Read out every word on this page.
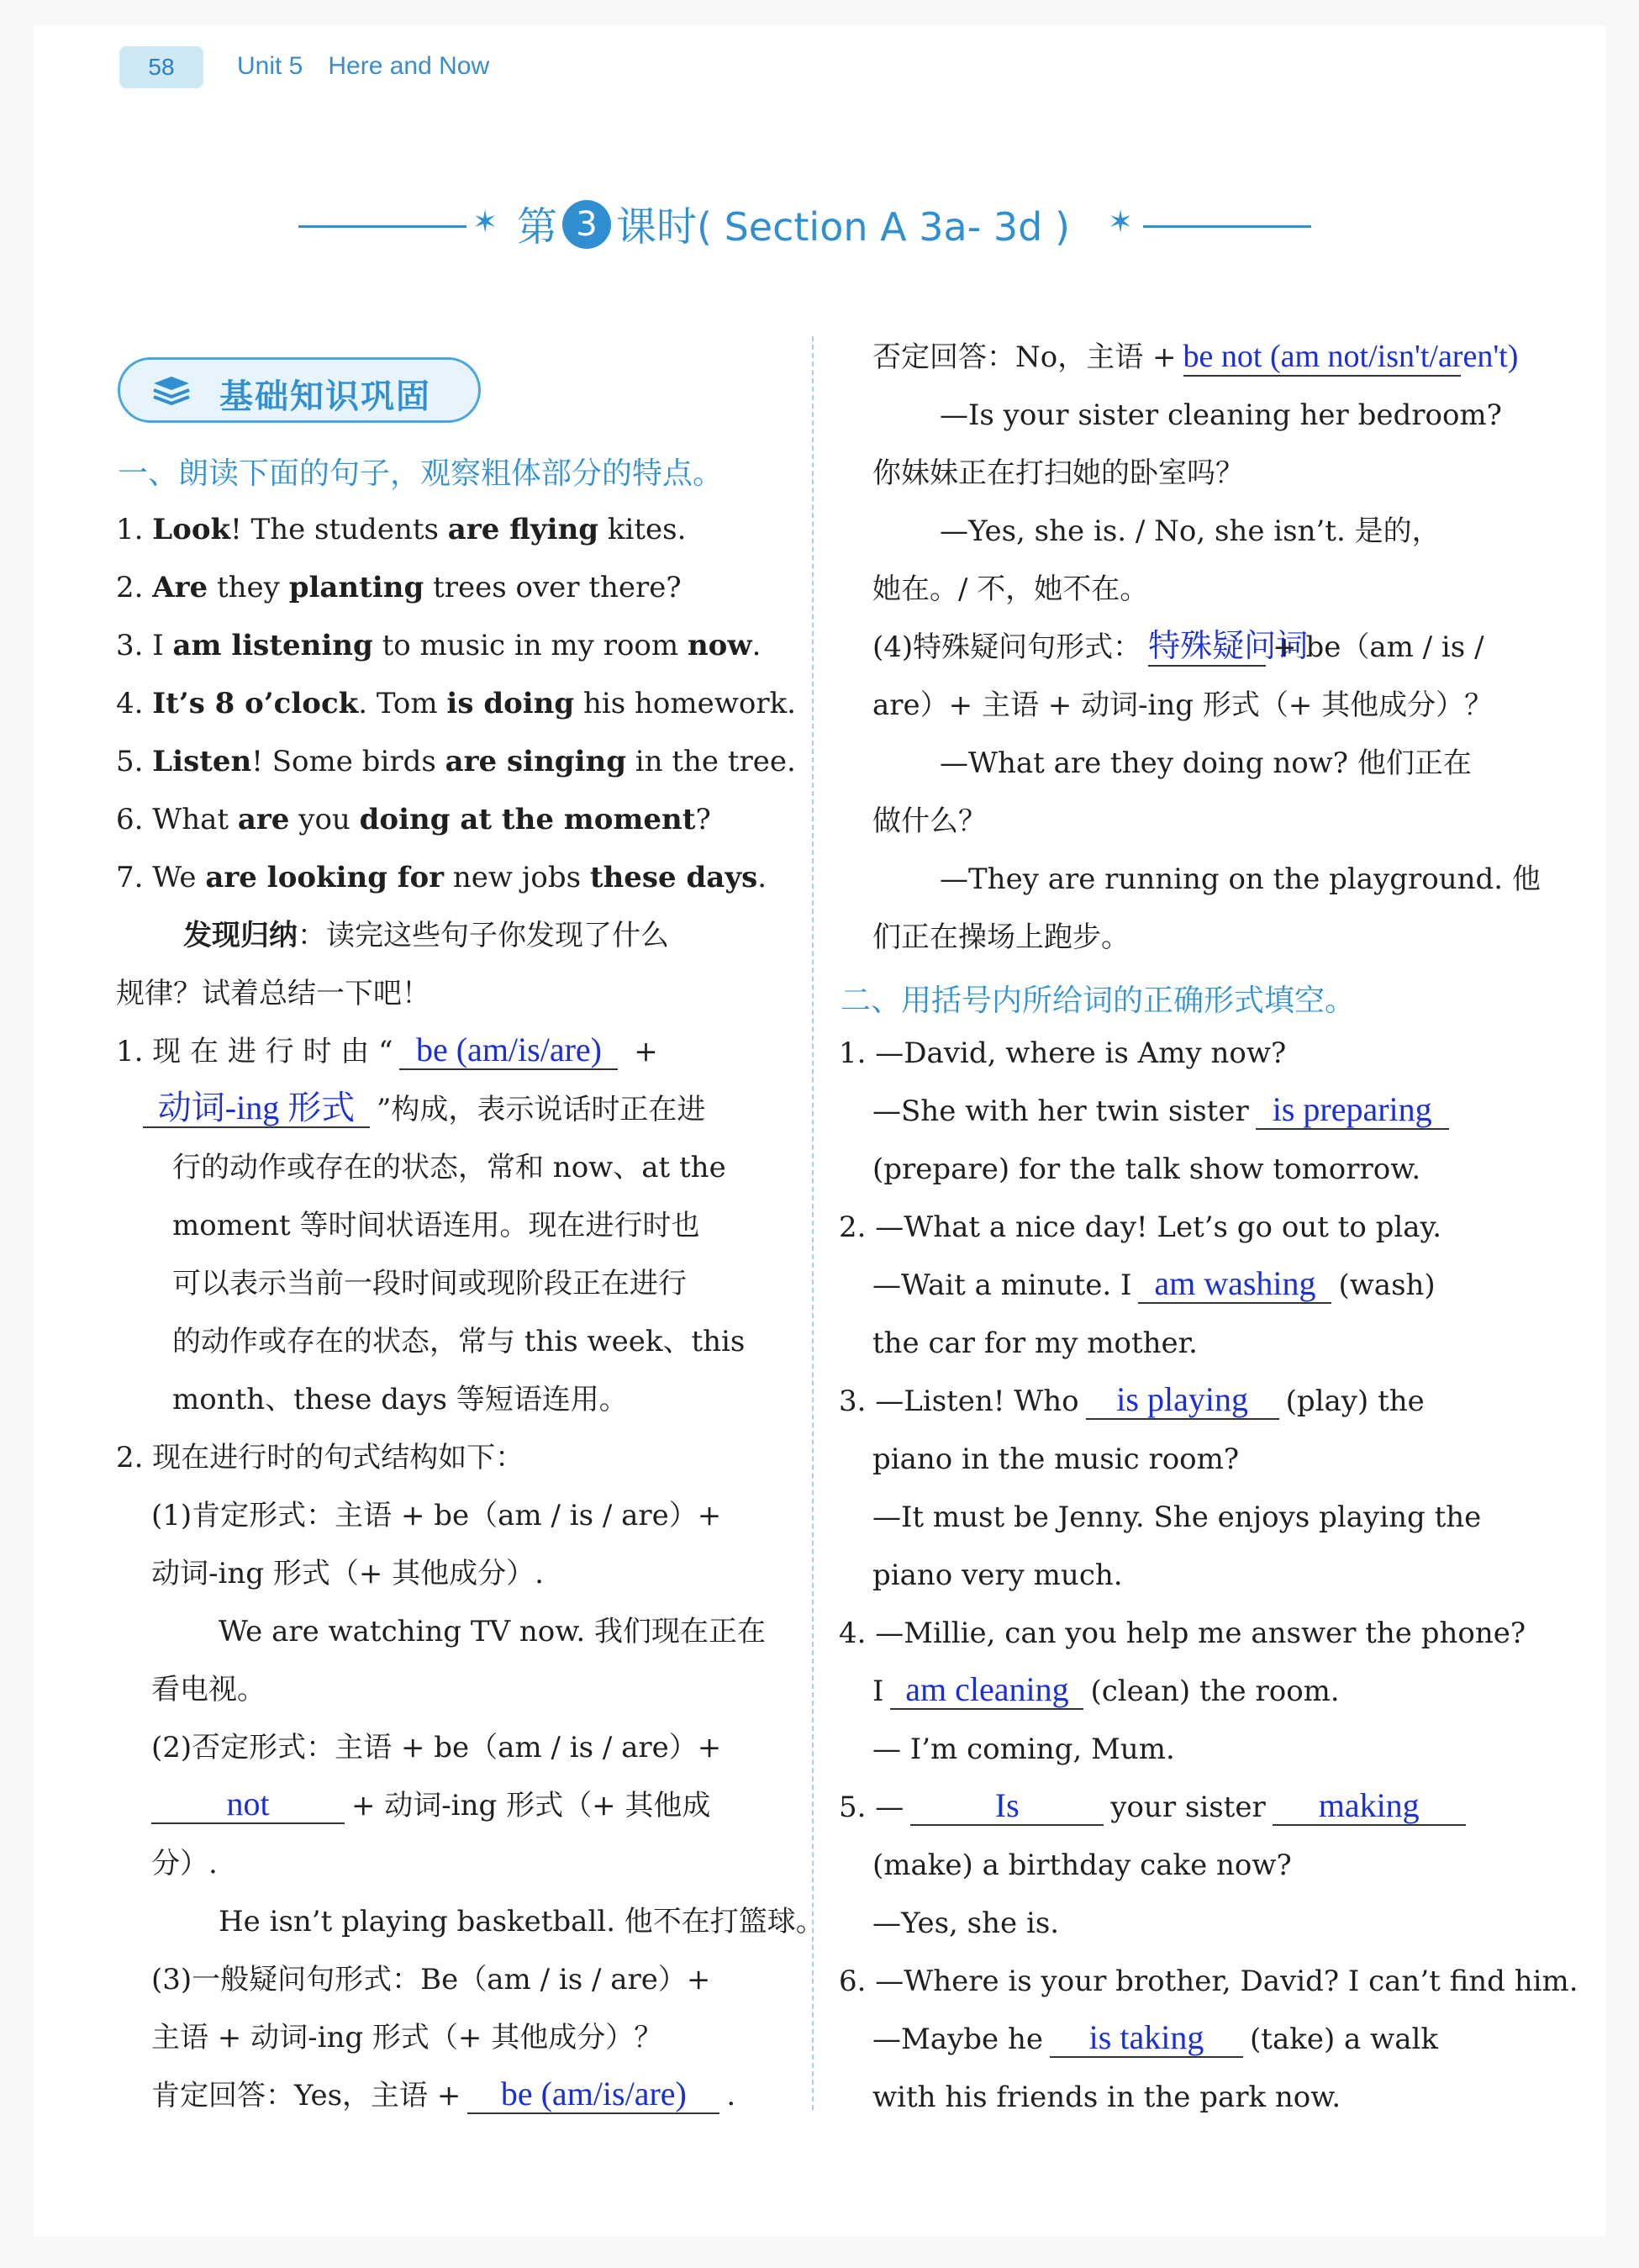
58	Unit 5 Here and Now
✶ 第 3 课时( Section A 3a- 3d ) ✶
基础知识巩固
一、朗读下面的句子，观察粗体部分的特点。
1. Look! The students are flying kites.
2. Are they planting trees over there?
3. I am listening to music in my room now.
4. It’s 8 o’clock. Tom is doing his homework.
5. Listen! Some birds are singing in the tree.
6. What are you doing at the moment?
7. We are looking for new jobs these days.
发现归纳：读完这些句子你发现了什么
规律？试着总结一下吧！
1. 现 在 进 行 时 由 “ be (am/is/are) +
动词-ing 形式 ”构成，表示说话时正在进
行的动作或存在的状态，常和 now、at the
moment 等时间状语连用。现在进行时也
可以表示当前一段时间或现阶段正在进行
的动作或存在的状态，常与 this week、this
month、these days 等短语连用。
2. 现在进行时的句式结构如下：
(1)肯定形式：主语 + be（am / is / are）+
动词-ing 形式（+ 其他成分）.
We are watching TV now. 我们现在正在
看电视。
(2)否定形式：主语 + be（am / is / are）+
not	+ 动词-ing 形式（+ 其他成
分）.
He isn’t playing basketball. 他不在打篮球。
(3)一般疑问句形式：Be（am / is / are）+
主语 + 动词-ing 形式（+ 其他成分）？
肯定回答：Yes，主语 + be (am/is/are) .
否定回答：No，主语 + be not (am not/isn't/aren't)
—Is your sister cleaning her bedroom?
你妹妹正在打扫她的卧室吗？
—Yes, she is. / No, she isn’t. 是的，
她在。/ 不，她不在。
(4)特殊疑问句形式： 特殊疑问词+ be（am / is /
are）+ 主语 + 动词-ing 形式（+ 其他成分）？
—What are they doing now? 他们正在
做什么？
—They are running on the playground. 他
们正在操场上跑步。
二、用括号内所给词的正确形式填空。
1. —David, where is Amy now?
—She with her twin sister is preparing
(prepare) for the talk show tomorrow.
2. —What a nice day! Let’s go out to play.
—Wait a minute. I am washing (wash)
the car for my mother.
3. —Listen! Who is playing (play) the
piano in the music room?
—It must be Jenny. She enjoys playing the
piano very much.
4. —Millie, can you help me answer the phone?
I am cleaning (clean) the room.
— I’m coming, Mum.
5. —	Is	your sister making
(make) a birthday cake now?
—Yes, she is.
6. —Where is your brother, David? I can’t find him.
—Maybe he is taking (take) a walk
with his friends in the park now.
